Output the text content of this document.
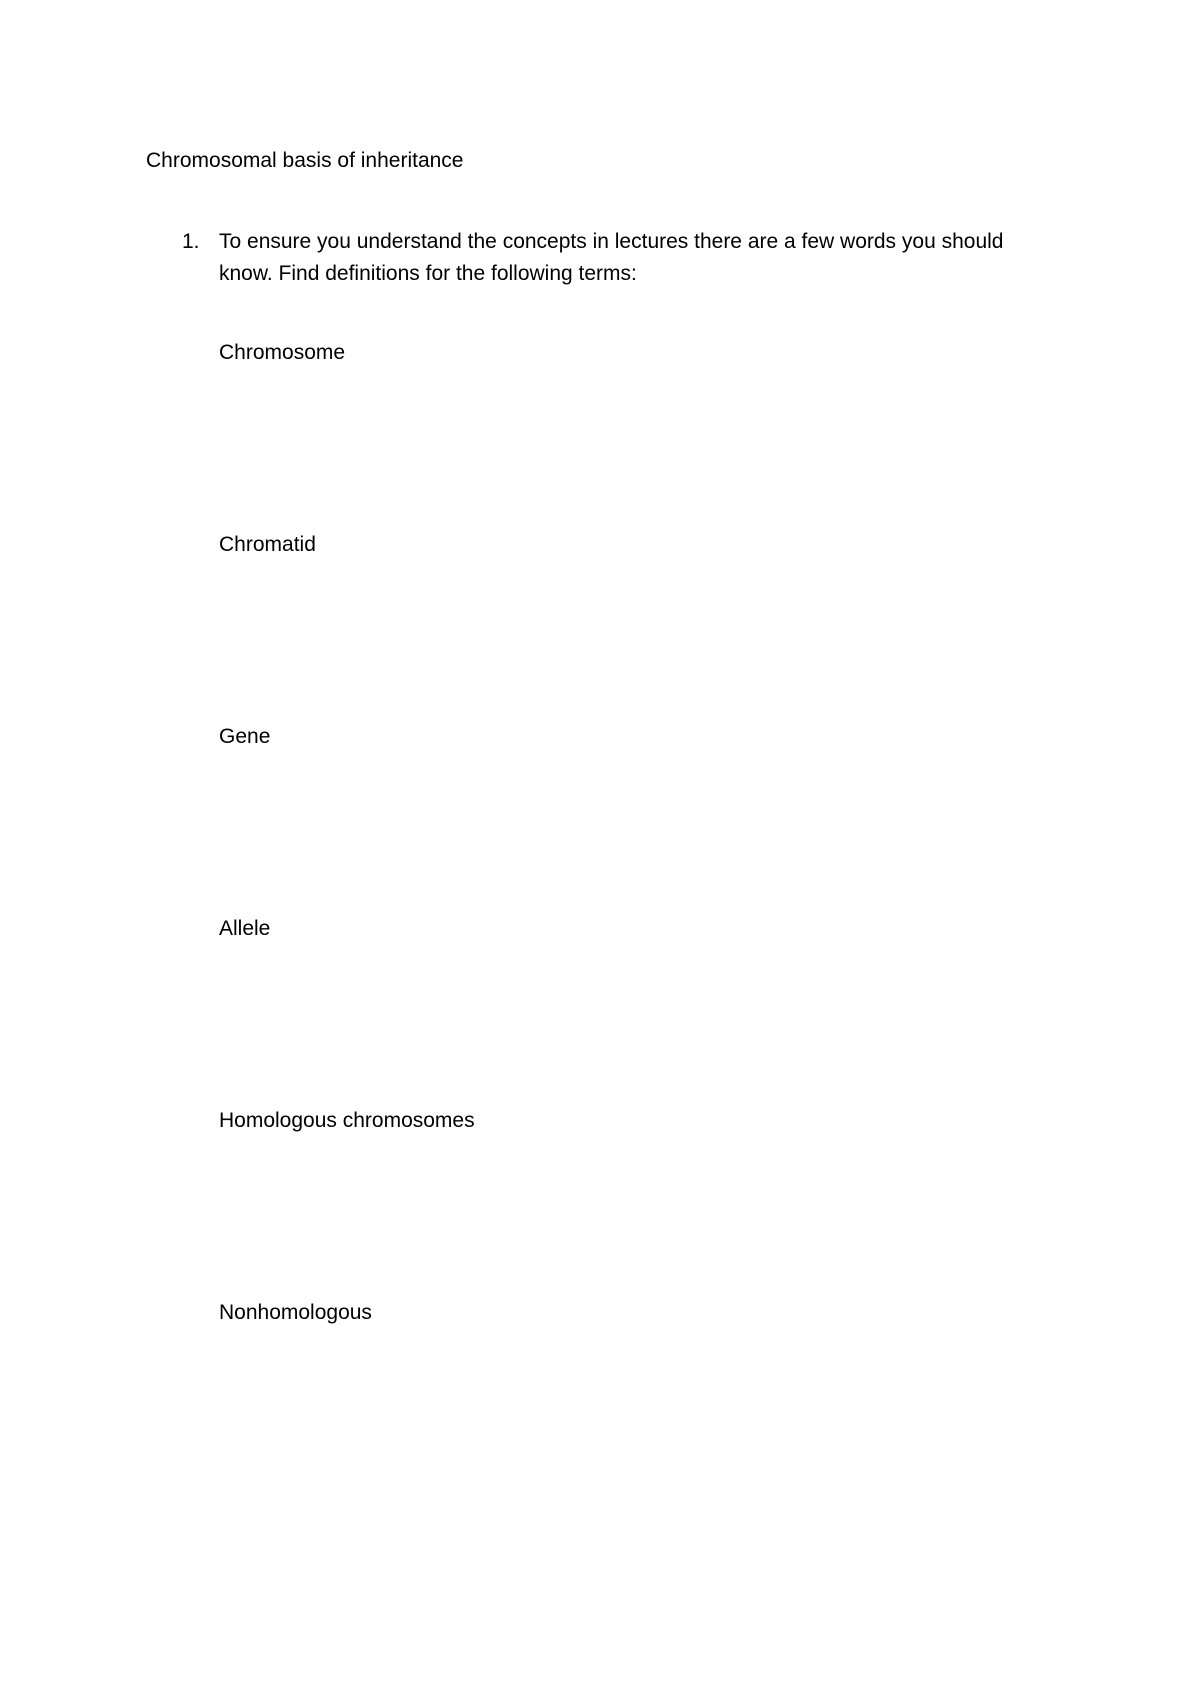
Chromosomal basis of inheritance
1. To ensure you understand the concepts in lectures there are a few words you should know. Find definitions for the following terms:

Chromosome
Chromatid
Gene
Allele
Homologous chromosomes
Nonhomologous
